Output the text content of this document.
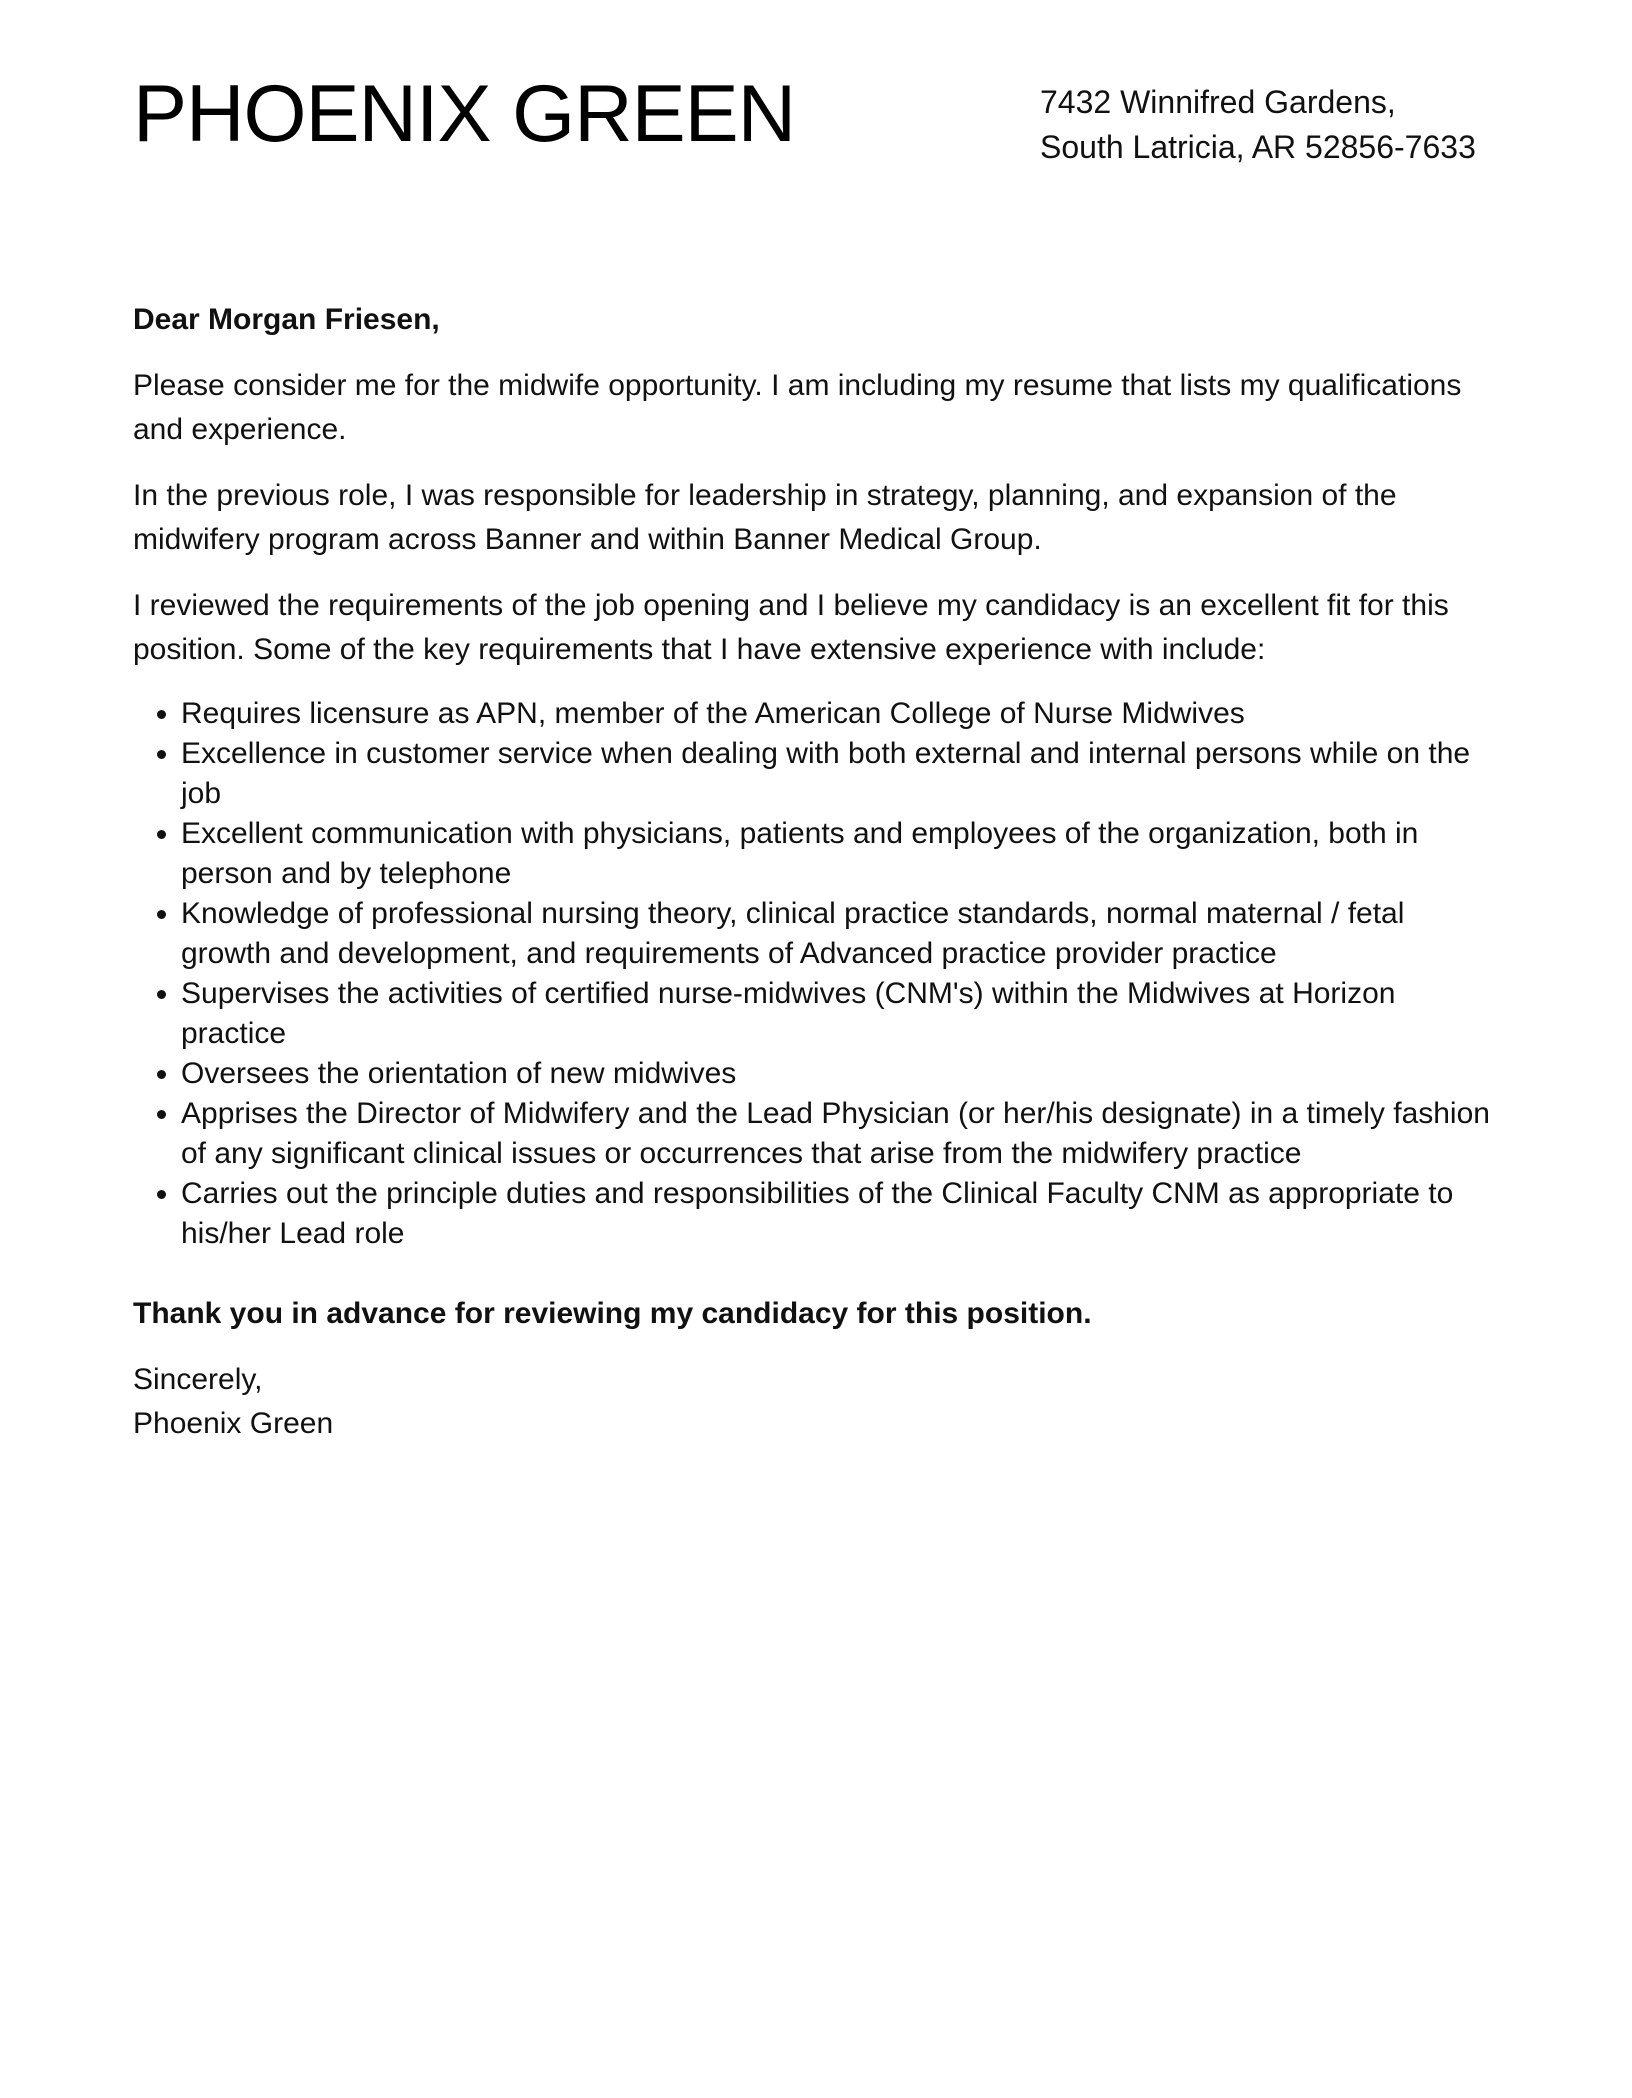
PHOENIX GREEN	7432 Winnifred Gardens,
South Latricia, AR 52856-7633

Dear Morgan Friesen,

Please consider me for the midwife opportunity. I am including my resume that lists my qualifications and experience.

In the previous role, I was responsible for leadership in strategy, planning, and expansion of the midwifery program across Banner and within Banner Medical Group.

I reviewed the requirements of the job opening and I believe my candidacy is an excellent fit for this position. Some of the key requirements that I have extensive experience with include:

• Requires licensure as APN, member of the American College of Nurse Midwives
• Excellence in customer service when dealing with both external and internal persons while on the job
• Excellent communication with physicians, patients and employees of the organization, both in person and by telephone
• Knowledge of professional nursing theory, clinical practice standards, normal maternal / fetal growth and development, and requirements of Advanced practice provider practice
• Supervises the activities of certified nurse-midwives (CNM's) within the Midwives at Horizon practice
• Oversees the orientation of new midwives
• Apprises the Director of Midwifery and the Lead Physician (or her/his designate) in a timely fashion of any significant clinical issues or occurrences that arise from the midwifery practice
• Carries out the principle duties and responsibilities of the Clinical Faculty CNM as appropriate to his/her Lead role

Thank you in advance for reviewing my candidacy for this position.

Sincerely,
Phoenix Green
